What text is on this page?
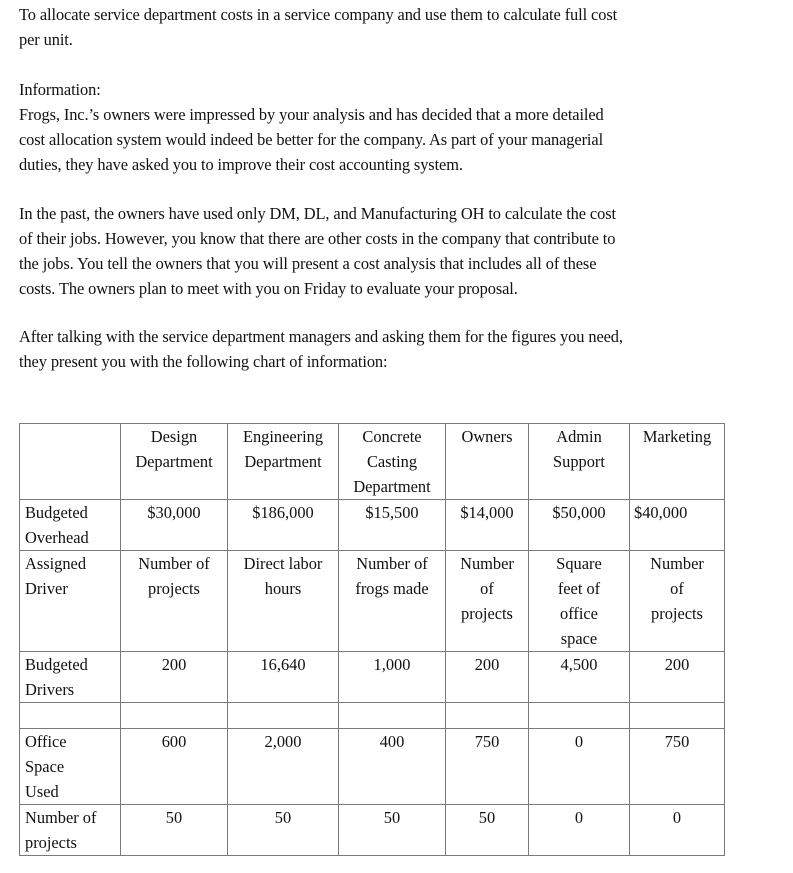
To allocate service department costs in a service company and use them to calculate full cost
per unit.

Information:

Frogs, Inc.’s owners were impressed by your analysis and has decided that a more detailed
cost allocation system would indeed be better for the company. As part of your managerial
duties, they have asked you to improve their cost accounting system.

In the past, the owners have used only DM, DL, and Manufacturing OH to calculate the cost
of their jobs. However, you know that there are other costs in the company that contribute to
the jobs. You tell the owners that you will present a cost analysis that includes all of these
costs. The owners plan to meet with you on Friday to evaluate your proposal.

After talking with the service department managers and asking them for the figures you need,
they present you with the following chart of information:

	Design
Department	Engineering
Department	Concrete
Casting
Department	Owners	Admin
Support	Marketing

Budgeted
Overhead	$30,000	$186,000	$15,500	$14,000	$50,000	$40,000

Assigned
Driver	Number of
projects	Direct labor
hours	Number of
frogs made	Number
of
projects	Square
feet of
office
space	Number
of
projects

Budgeted
Drivers	200	16,640	1,000	200	4,500	200

Office
Space
Used	600	2,000	400	750	0	750

Number of
projects	50	50	50	50	0	0
